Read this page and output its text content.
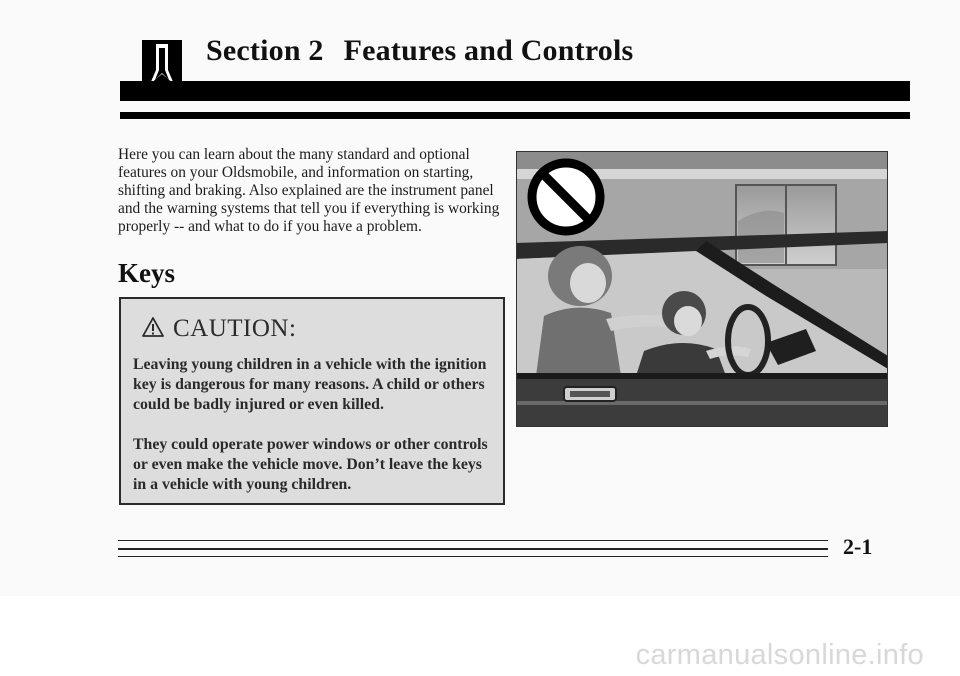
Section 2 Features and Controls

Here you can learn about the many standard and optional features on your Oldsmobile, and information on starting, shifting and braking. Also explained are the instrument panel and the warning systems that tell you if everything is working properly -- and what to do if you have a problem.

Keys
CAUTION:

Leaving young children in a vehicle with the ignition key is dangerous for many reasons. A child or others could be badly injured or even killed.

They could operate power windows or other controls or even make the vehicle move. Don’t leave the keys in a vehicle with young children.

2-1

carmanualsonline.info
